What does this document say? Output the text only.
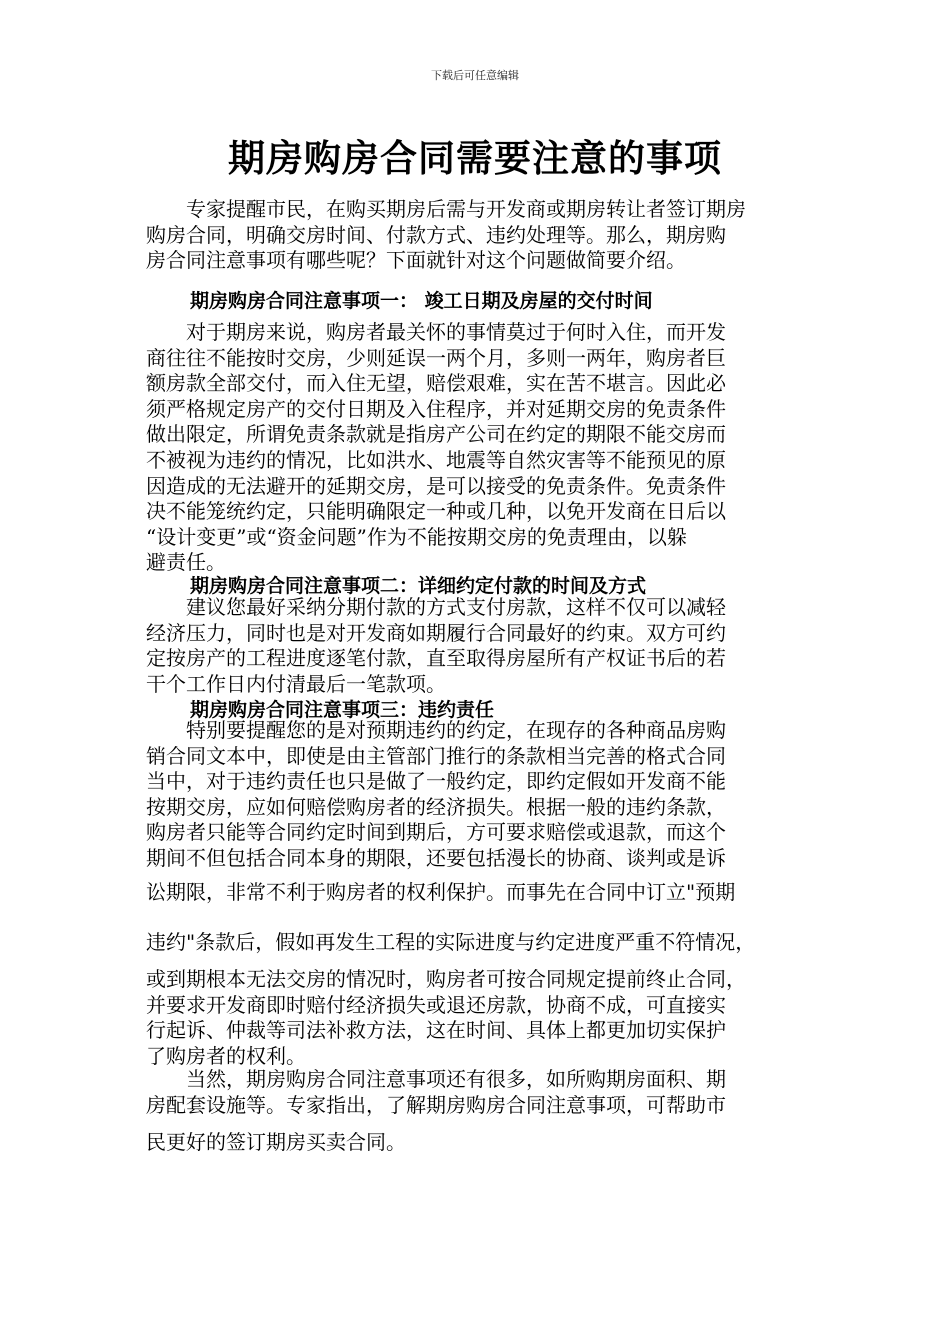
下载后可任意编辑
期房购房合同需要注意的事项
　　专家提醒市民，在购买期房后需与开发商或期房转让者签订期房
购房合同，明确交房时间、付款方式、违约处理等。那么，期房购
房合同注意事项有哪些呢？下面就针对这个问题做简要介绍。
期房购房合同注意事项一： 竣工日期及房屋的交付时间
　　对于期房来说，购房者最关怀的事情莫过于何时入住，而开发
商往往不能按时交房，少则延误一两个月，多则一两年，购房者巨
额房款全部交付，而入住无望，赔偿艰难，实在苦不堪言。因此必
须严格规定房产的交付日期及入住程序，并对延期交房的免责条件
做出限定，所谓免责条款就是指房产公司在约定的期限不能交房而
不被视为违约的情况，比如洪水、地震等自然灾害等不能预见的原
因造成的无法避开的延期交房，是可以接受的免责条件。免责条件
决不能笼统约定，只能明确限定一种或几种，以免开发商在日后以
“设计变更”或“资金问题”作为不能按期交房的免责理由，以躲
避责任。
期房购房合同注意事项二：详细约定付款的时间及方式
　　建议您最好采纳分期付款的方式支付房款，这样不仅可以减轻
经济压力，同时也是对开发商如期履行合同最好的约束。双方可约
定按房产的工程进度逐笔付款，直至取得房屋所有产权证书后的若
干个工作日内付清最后一笔款项。
期房购房合同注意事项三：违约责任
　　特别要提醒您的是对预期违约的约定，在现存的各种商品房购
销合同文本中，即使是由主管部门推行的条款相当完善的格式合同
当中，对于违约责任也只是做了一般约定，即约定假如开发商不能
按期交房，应如何赔偿购房者的经济损失。根据一般的违约条款，
购房者只能等合同约定时间到期后，方可要求赔偿或退款，而这个
期间不但包括合同本身的期限，还要包括漫长的协商、谈判或是诉
讼期限，非常不利于购房者的权利保护。而事先在合同中订立"预期
违约"条款后，假如再发生工程的实际进度与约定进度严重不符情况，
或到期根本无法交房的情况时，购房者可按合同规定提前终止合同，
并要求开发商即时赔付经济损失或退还房款，协商不成，可直接实
行起诉、仲裁等司法补救方法，这在时间、具体上都更加切实保护
了购房者的权利。
　　当然，期房购房合同注意事项还有很多，如所购期房面积、期
房配套设施等。专家指出，了解期房购房合同注意事项，可帮助市
民更好的签订期房买卖合同。
